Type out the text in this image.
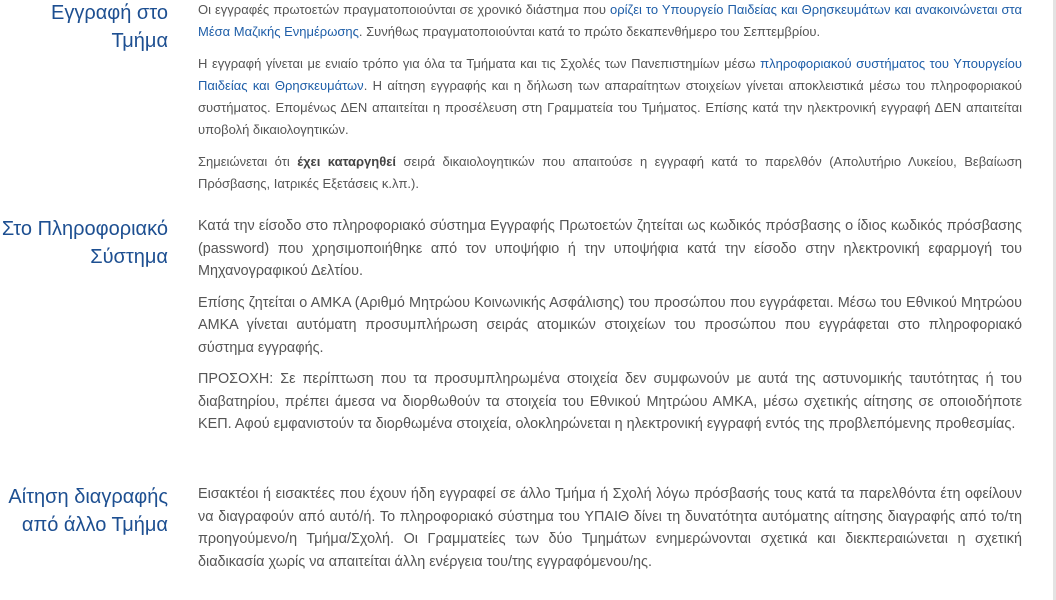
Εγγραφή στο Τμήμα

Οι εγγραφές πρωτοετών πραγματοποιούνται σε χρονικό διάστημα που ορίζει το Υπουργείο Παιδείας και Θρησκευμάτων και ανακοινώνεται στα Μέσα Μαζικής Ενημέρωσης. Συνήθως πραγματοποιούνται κατά το πρώτο δεκαπενθήμερο του Σεπτεμβρίου.

Η εγγραφή γίνεται με ενιαίο τρόπο για όλα τα Τμήματα και τις Σχολές των Πανεπιστημίων μέσω πληροφοριακού συστήματος του Υπουργείου Παιδείας και Θρησκευμάτων. Η αίτηση εγγραφής και η δήλωση των απαραίτητων στοιχείων γίνεται αποκλειστικά μέσω του πληροφοριακού συστήματος. Επομένως ΔΕΝ απαιτείται η προσέλευση στη Γραμματεία του Τμήματος. Επίσης κατά την ηλεκτρονική εγγραφή ΔΕΝ απαιτείται υποβολή δικαιολογητικών.

Σημειώνεται ότι έχει καταργηθεί σειρά δικαιολογητικών που απαιτούσε η εγγραφή κατά το παρελθόν (Απολυτήριο Λυκείου, Βεβαίωση Πρόσβασης, Ιατρικές Εξετάσεις κ.λπ.).

Στο Πληροφοριακό Σύστημα

Κατά την είσοδο στο πληροφοριακό σύστημα Εγγραφής Πρωτοετών ζητείται ως κωδικός πρόσβασης ο ίδιος κωδικός πρόσβασης (password) που χρησιμοποιήθηκε από τον υποψήφιο ή την υποψήφια κατά την είσοδο στην ηλεκτρονική εφαρμογή του Μηχανογραφικού Δελτίου.

Επίσης ζητείται ο ΑΜΚΑ (Αριθμό Μητρώου Κοινωνικής Ασφάλισης) του προσώπου που εγγράφεται. Μέσω του Εθνικού Μητρώου ΑΜΚΑ γίνεται αυτόματη προσυμπλήρωση σειράς ατομικών στοιχείων του προσώπου που εγγράφεται στο πληροφοριακό σύστημα εγγραφής.

ΠΡΟΣΟΧΗ: Σε περίπτωση που τα προσυμπληρωμένα στοιχεία δεν συμφωνούν με αυτά της αστυνομικής ταυτότητας ή του διαβατηρίου, πρέπει άμεσα να διορθωθούν τα στοιχεία του Εθνικού Μητρώου ΑΜΚΑ, μέσω σχετικής αίτησης σε οποιοδήποτε ΚΕΠ. Αφού εμφανιστούν τα διορθωμένα στοιχεία, ολοκληρώνεται η ηλεκτρονική εγγραφή εντός της προβλεπόμενης προθεσμίας.

Αίτηση διαγραφής από άλλο Τμήμα

Εισακτέοι ή εισακτέες που έχουν ήδη εγγραφεί σε άλλο Τμήμα ή Σχολή λόγω πρόσβασής τους κατά τα παρελθόντα έτη οφείλουν να διαγραφούν από αυτό/ή. Το πληροφοριακό σύστημα του ΥΠΑΙΘ δίνει τη δυνατότητα αυτόματης αίτησης διαγραφής από το/τη προηγούμενο/η Τμήμα/Σχολή. Οι Γραμματείες των δύο Τμημάτων ενημερώνονται σχετικά και διεκπεραιώνεται η σχετική διαδικασία χωρίς να απαιτείται άλλη ενέργεια του/της εγγραφόμενου/ης.
